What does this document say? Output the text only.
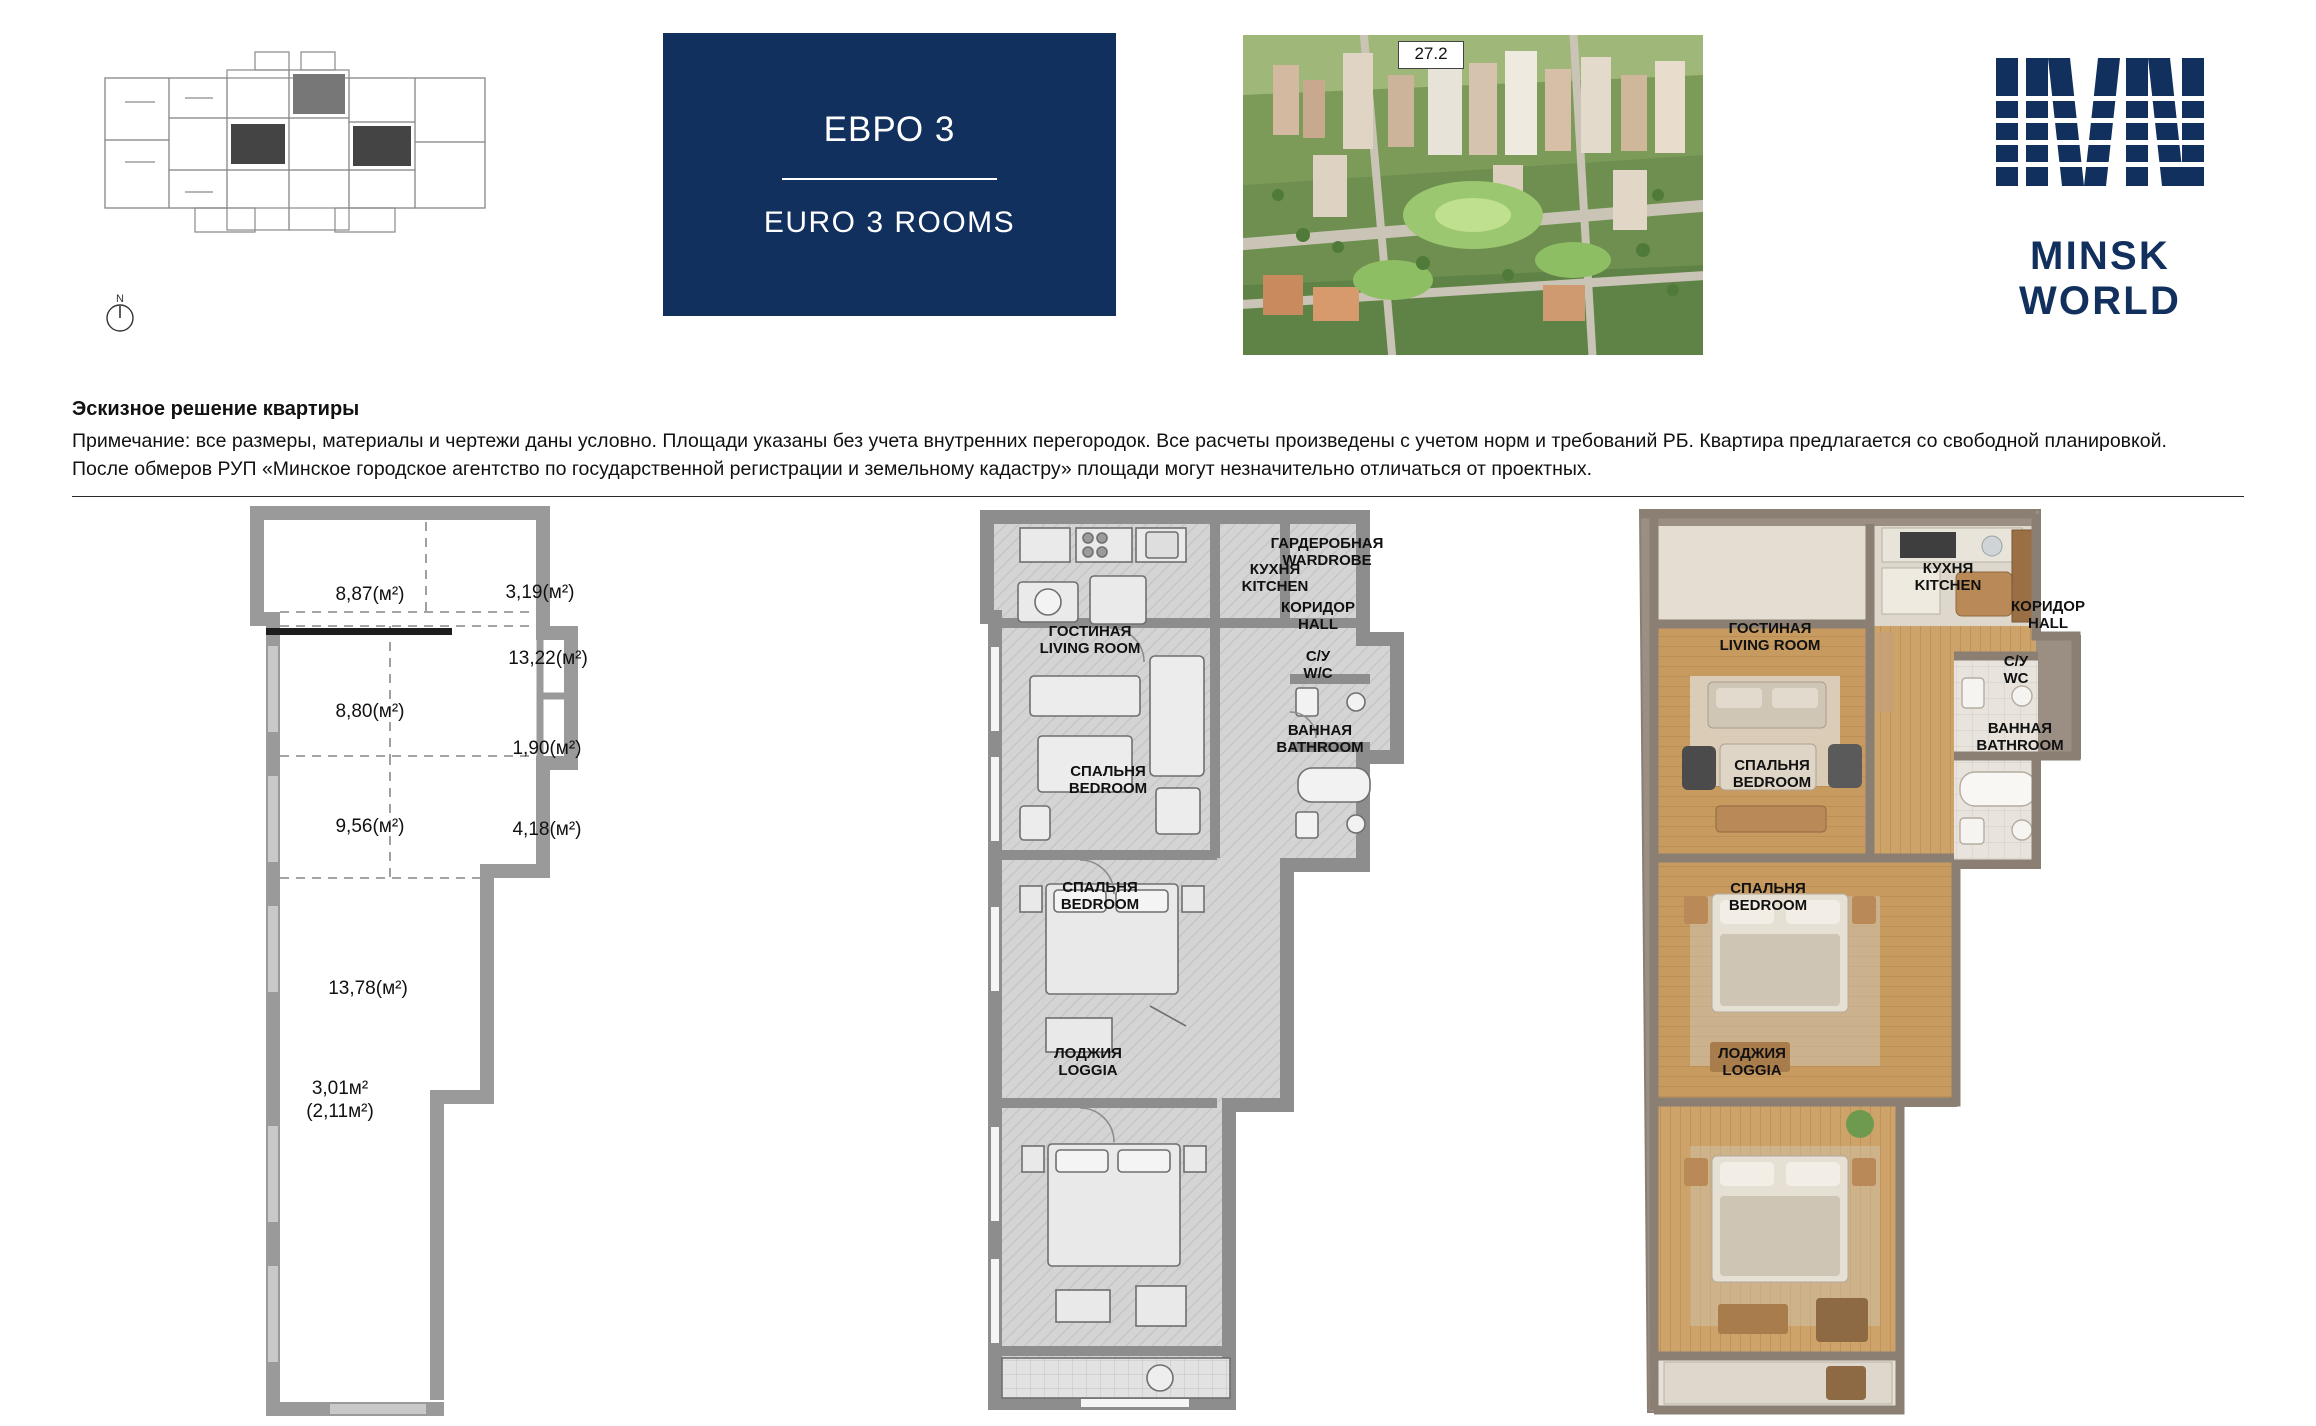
N
ЕВРО 3
EURO 3 ROOMS
27.2
MINSK WORLD
Эскизное решение квартиры
Примечание: все размеры, материалы и чертежи даны условно. Площади указаны без учета внутренних перегородок. Все расчеты произведены с учетом норм и требований РБ. Квартира предлагается со свободной планировкой.
После обмеров РУП «Минское городское агентство по государственной регистрации и земельному кадастру» площади могут незначительно отличаться от проектных.
8,87(м²)	3,19(м²)
13,22(м²)
8,80(м²)
1,90(м²)
4,18(м²)
9,56(м²)
13,78(м²)
3,01м²
(2,11м²)
ГАРДЕРОБНАЯ
WARDROBE
КУХНЯ
KITCHEN
КОРИДОР
HALL
ГОСТИНАЯ
LIVING ROOM	С/У
W/C
ВАННАЯ
BATHROOM
СПАЛЬНЯ
BEDROOM
СПАЛЬНЯ
BEDROOM
ЛОДЖИЯ
LOGGIA
КУХНЯ
KITCHEN
КОРИДОР
HALL
ГОСТИНАЯ
LIVING ROOM
С/У
WC
ВАННАЯ
BATHROOM
СПАЛЬНЯ
BEDROOM
СПАЛЬНЯ
BEDROOM
ЛОДЖИЯ
LOGGIA
